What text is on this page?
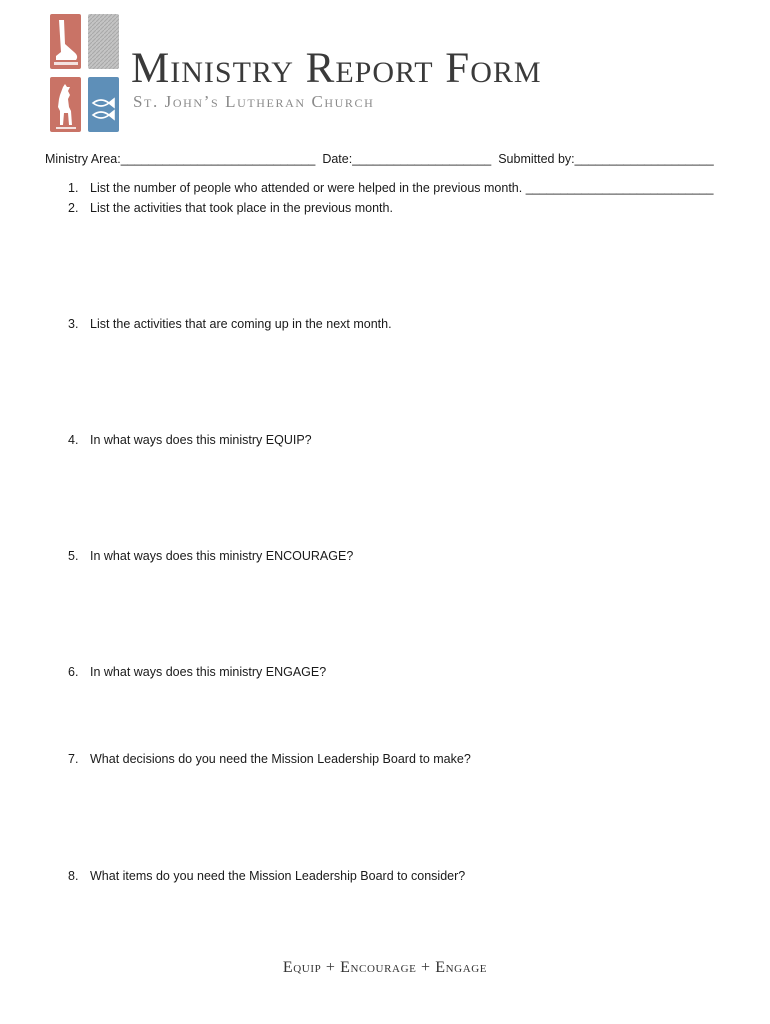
Ministry Report Form
St. John’s Lutheran Church
Ministry Area:____________________________ Date:____________________ Submitted by:____________________
1. List the number of people who attended or were helped in the previous month. ___________________________
2. List the activities that took place in the previous month.
3. List the activities that are coming up in the next month.
4. In what ways does this ministry EQUIP?
5. In what ways does this ministry ENCOURAGE?
6. In what ways does this ministry ENGAGE?
7. What decisions do you need the Mission Leadership Board to make?
8. What items do you need the Mission Leadership Board to consider?
Equip + Encourage + Engage
